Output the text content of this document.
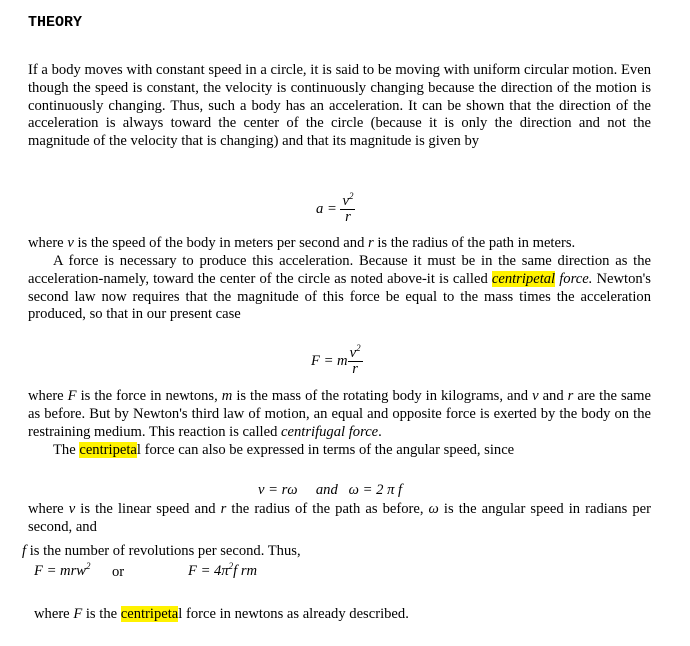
THEORY

If a body moves with constant speed in a circle, it is said to be moving with uniform circular motion. Even though the speed is constant, the velocity is continuously changing because the direction of the motion is continuously changing. Thus, such a body has an acceleration. It can be shown that the direction of the acceleration is always toward the center of the circle (because it is only the direction and not the magnitude of the velocity that is changing) and that its magnitude is given by

$a = \frac{v^2}{r}$

where v is the speed of the body in meters per second and r is the radius of the path in meters.

A force is necessary to produce this acceleration. Because it must be in the same direction as the acceleration-namely, toward the center of the circle as noted above-it is called centripetal force. Newton's second law now requires that the magnitude of this force be equal to the mass times the acceleration produced, so that in our present case

F = m $\frac{v^2}{r}$

where F is the force in newtons, m is the mass of the rotating body in kilograms, and v and r are the same as before. But by Newton's third law of motion, an equal and opposite force is exerted by the body on the restraining medium. This reaction is called centrifugal force.

The centripetal force can also be expressed in terms of the angular speed, since

v = rω     and   ω = 2 π f

where v is the linear speed and r the radius of the path as before, ω is the angular speed in radians per second, and

f is the number of revolutions per second. Thus,

F = mrw$^2$ or	$F = 4\pi^2f$ rm

where F is the centripetal force in newtons as already described.
